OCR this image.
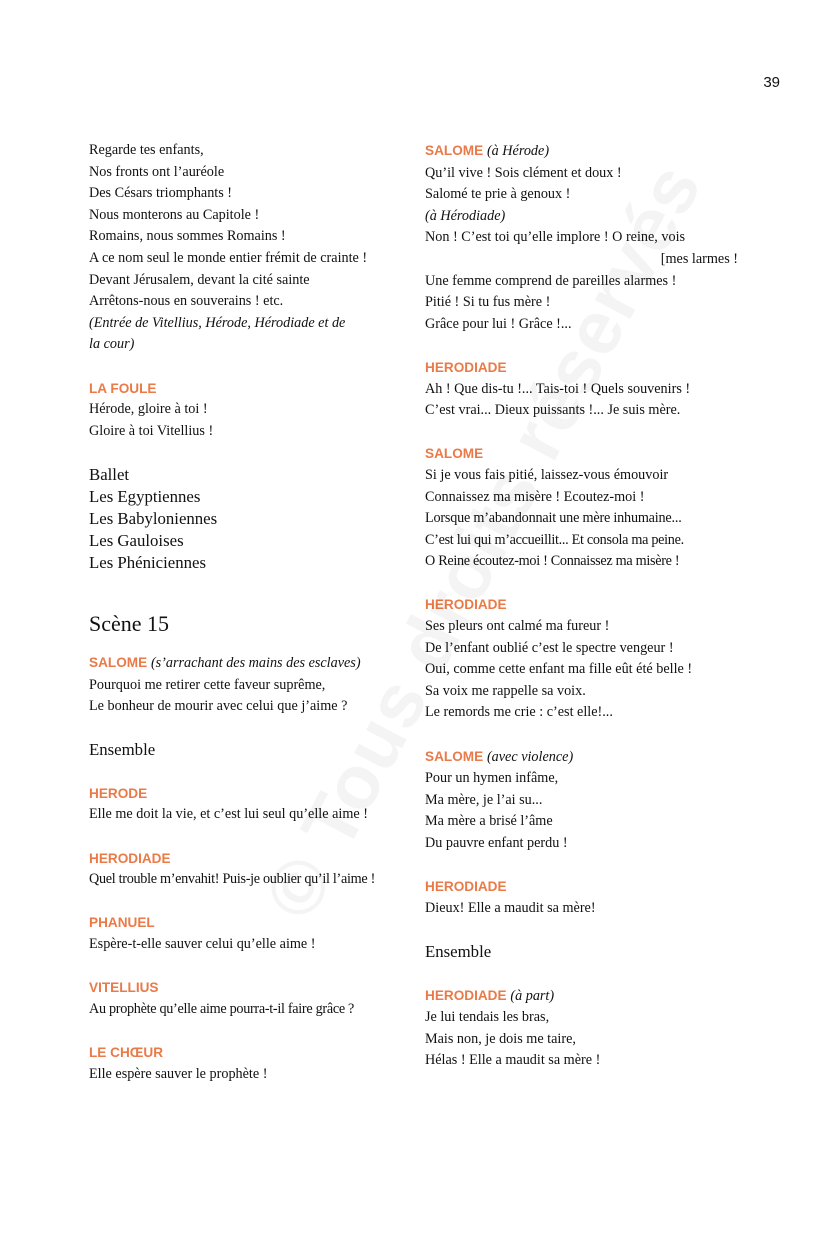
39
Regarde tes enfants,
Nos fronts ont l’auréole
Des Césars triomphants !
Nous monterons au Capitole !
Romains, nous sommes Romains !
A ce nom seul le monde entier frémit de crainte !
Devant Jérusalem, devant la cité sainte
Arrêtons-nous en souverains ! etc.
(Entrée de Vitellius, Hérode, Hérodiade et de
la cour)
LA FOULE
Hérode, gloire à toi !
Gloire à toi Vitellius !
Ballet
Les Egyptiennes
Les Babyloniennes
Les Gauloises
Les Phéniciennes
Scène 15
SALOME (s’arrachant des mains des esclaves)
Pourquoi me retirer cette faveur suprême,
Le bonheur de mourir avec celui que j’aime ?
Ensemble
HERODE
Elle me doit la vie, et c’est lui seul qu’elle aime !
HERODIADE
Quel trouble m’envahit! Puis-je oublier qu’il l’aime !
PHANUEL
Espère-t-elle sauver celui qu’elle aime !
VITELLIUS
Au prophète qu’elle aime pourra-t-il faire grâce ?
LE CHŒUR
Elle espère sauver le prophète !
SALOME (à Hérode)
Qu’il vive ! Sois clément et doux !
Salomé te prie à genoux !
(à Hérodiade)
Non ! C’est toi qu’elle implore ! O reine, vois
[mes larmes !
Une femme comprend de pareilles alarmes !
Pitié ! Si tu fus mère !
Grâce pour lui ! Grâce !...
HERODIADE
Ah ! Que dis-tu !... Tais-toi ! Quels souvenirs !
C’est vrai... Dieux puissants !... Je suis mère.
SALOME
Si je vous fais pitié, laissez-vous émouvoir
Connaissez ma misère ! Ecoutez-moi !
Lorsque m’abandonnait une mère inhumaine...
C’est lui qui m’accueillit... Et consola ma peine.
O Reine écoutez-moi ! Connaissez ma misère !
HERODIADE
Ses pleurs ont calmé ma fureur !
De l’enfant oublié c’est le spectre vengeur !
Oui, comme cette enfant ma fille eût été belle !
Sa voix me rappelle sa voix.
Le remords me crie : c’est elle!...
SALOME (avec violence)
Pour un hymen infâme,
Ma mère, je l’ai su...
Ma mère a brisé l’âme
Du pauvre enfant perdu !
HERODIADE
Dieux! Elle a maudit sa mère!
Ensemble
HERODIADE (à part)
Je lui tendais les bras,
Mais non, je dois me taire,
Hélas ! Elle a maudit sa mère !
